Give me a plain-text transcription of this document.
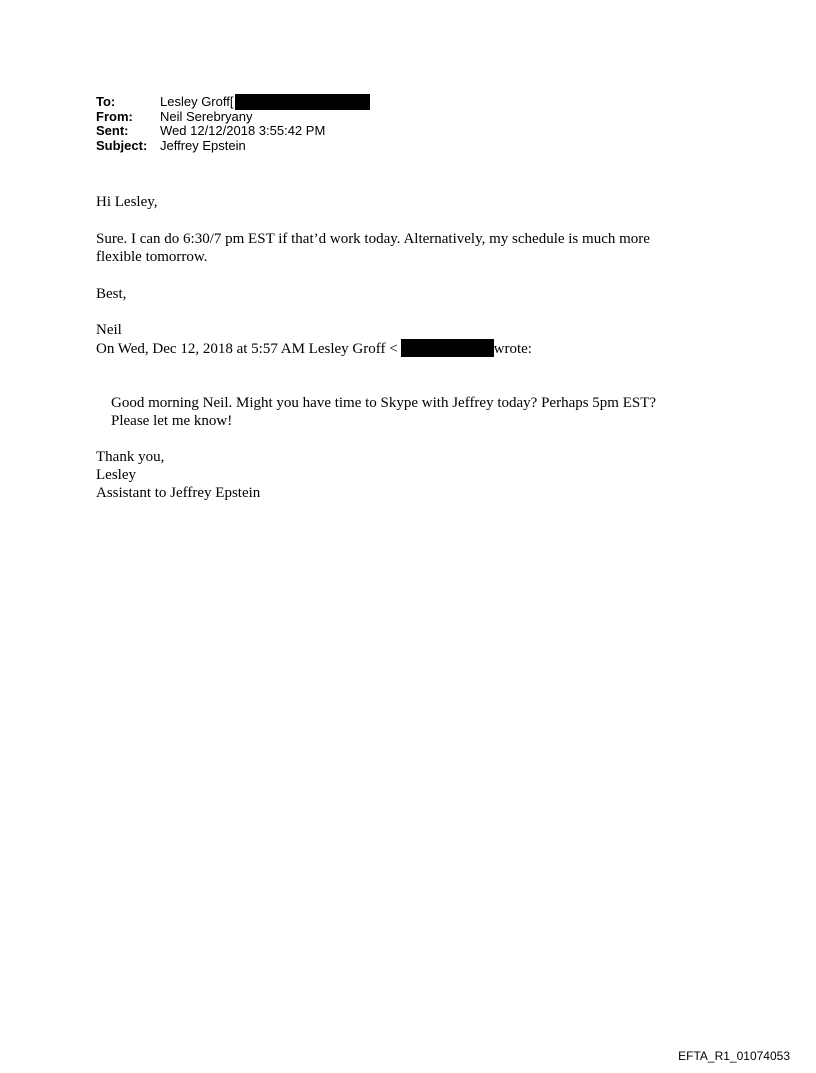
To:	Lesley Groff[
From:	Neil Serebryany
Sent:	Wed 12/12/2018 3:55:42 PM
Subject: Jeffrey Epstein
Hi Lesley,
Sure. I can do 6:30/7 pm EST if that’d work today. Alternatively, my schedule is much more
flexible tomorrow.
Best,
Neil
On Wed, Dec 12, 2018 at 5:57 AM Lesley Groff <	wrote:
Good morning Neil. Might you have time to Skype with Jeffrey today? Perhaps 5pm EST?
Please let me know!
Thank you,
Lesley
Assistant to Jeffrey Epstein
EFTA_R1_01074053
